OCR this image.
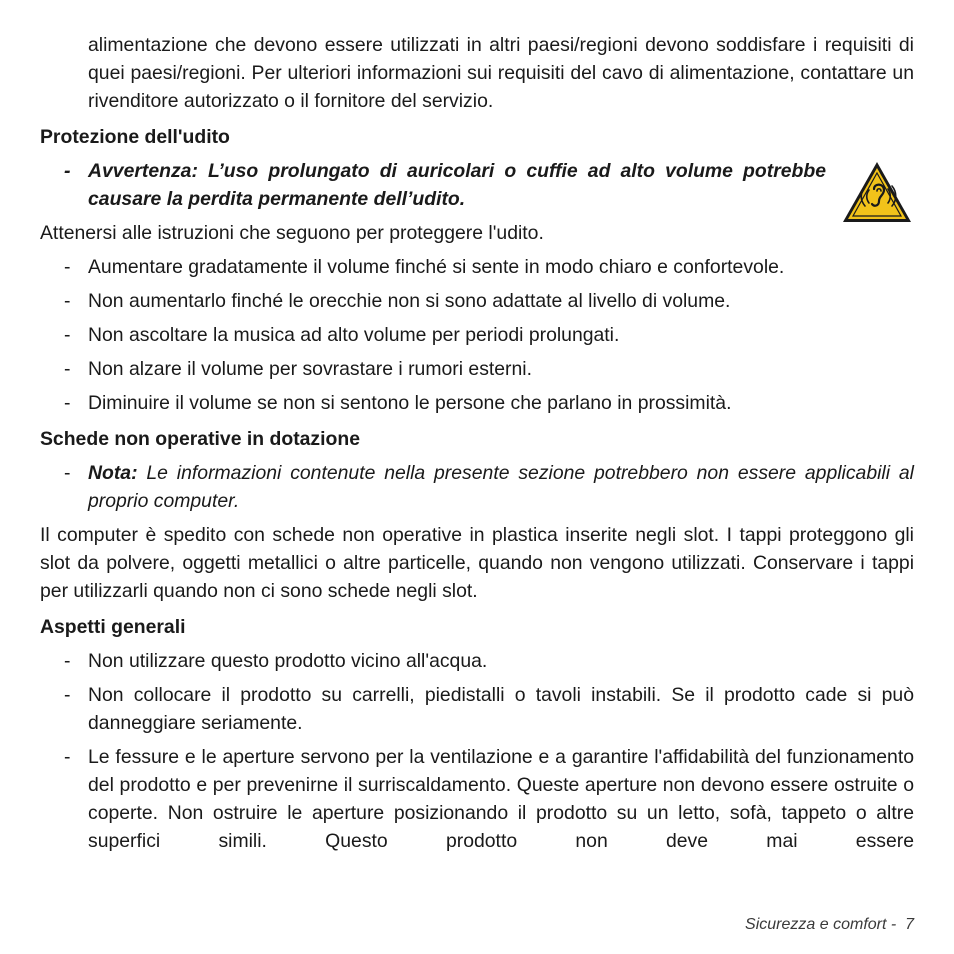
alimentazione che devono essere utilizzati in altri paesi/regioni devono soddisfare i requisiti di quei paesi/regioni. Per ulteriori informazioni sui requisiti del cavo di alimentazione, contattare un rivenditore autorizzato o il fornitore del servizio.

Protezione dell'udito

- Avvertenza: L’uso prolungato di auricolari o cuffie ad alto volume potrebbe causare la perdita permanente dell’udito.

Attenersi alle istruzioni che seguono per proteggere l'udito.

- Aumentare gradatamente il volume finché si sente in modo chiaro e confortevole.
- Non aumentarlo finché le orecchie non si sono adattate al livello di volume.
- Non ascoltare la musica ad alto volume per periodi prolungati.
- Non alzare il volume per sovrastare i rumori esterni.
- Diminuire il volume se non si sentono le persone che parlano in prossimità.

Schede non operative in dotazione

- Nota: Le informazioni contenute nella presente sezione potrebbero non essere applicabili al proprio computer.

Il computer è spedito con schede non operative in plastica inserite negli slot. I tappi proteggono gli slot da polvere, oggetti metallici o altre particelle, quando non vengono utilizzati. Conservare i tappi per utilizzarli quando non ci sono schede negli slot.

Aspetti generali

- Non utilizzare questo prodotto vicino all'acqua.
- Non collocare il prodotto su carrelli, piedistalli o tavoli instabili. Se il prodotto cade si può danneggiare seriamente.
- Le fessure e le aperture servono per la ventilazione e a garantire l'affidabilità del funzionamento del prodotto e per prevenirne il surriscaldamento. Queste aperture non devono essere ostruite o coperte. Non ostruire le aperture posizionando il prodotto su un letto, sofà, tappeto o altre superfici simili. Questo prodotto non deve mai essere
Sicurezza e comfort - 7
